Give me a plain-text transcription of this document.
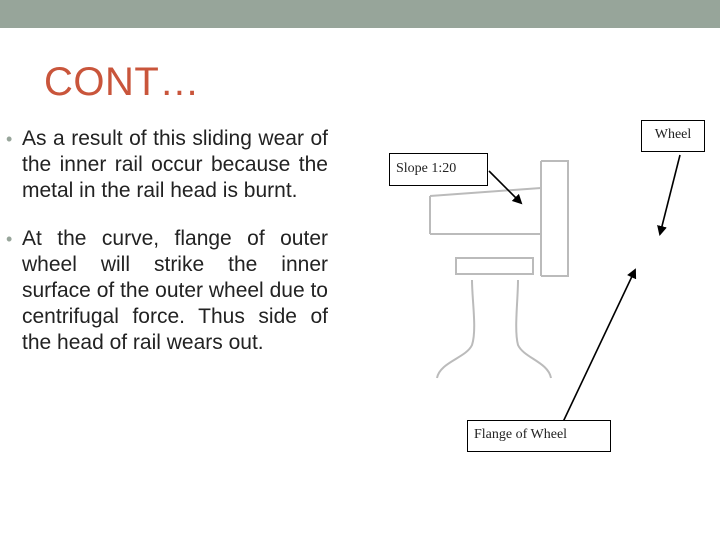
CONT…
• As a result of this sliding wear of the inner rail occur because the metal in the rail head is burnt.
• At the curve, flange of outer wheel will strike the inner surface of the outer wheel due to centrifugal force. Thus side of the head of rail wears out.
Wheel
Slope 1:20
Flange of Wheel
